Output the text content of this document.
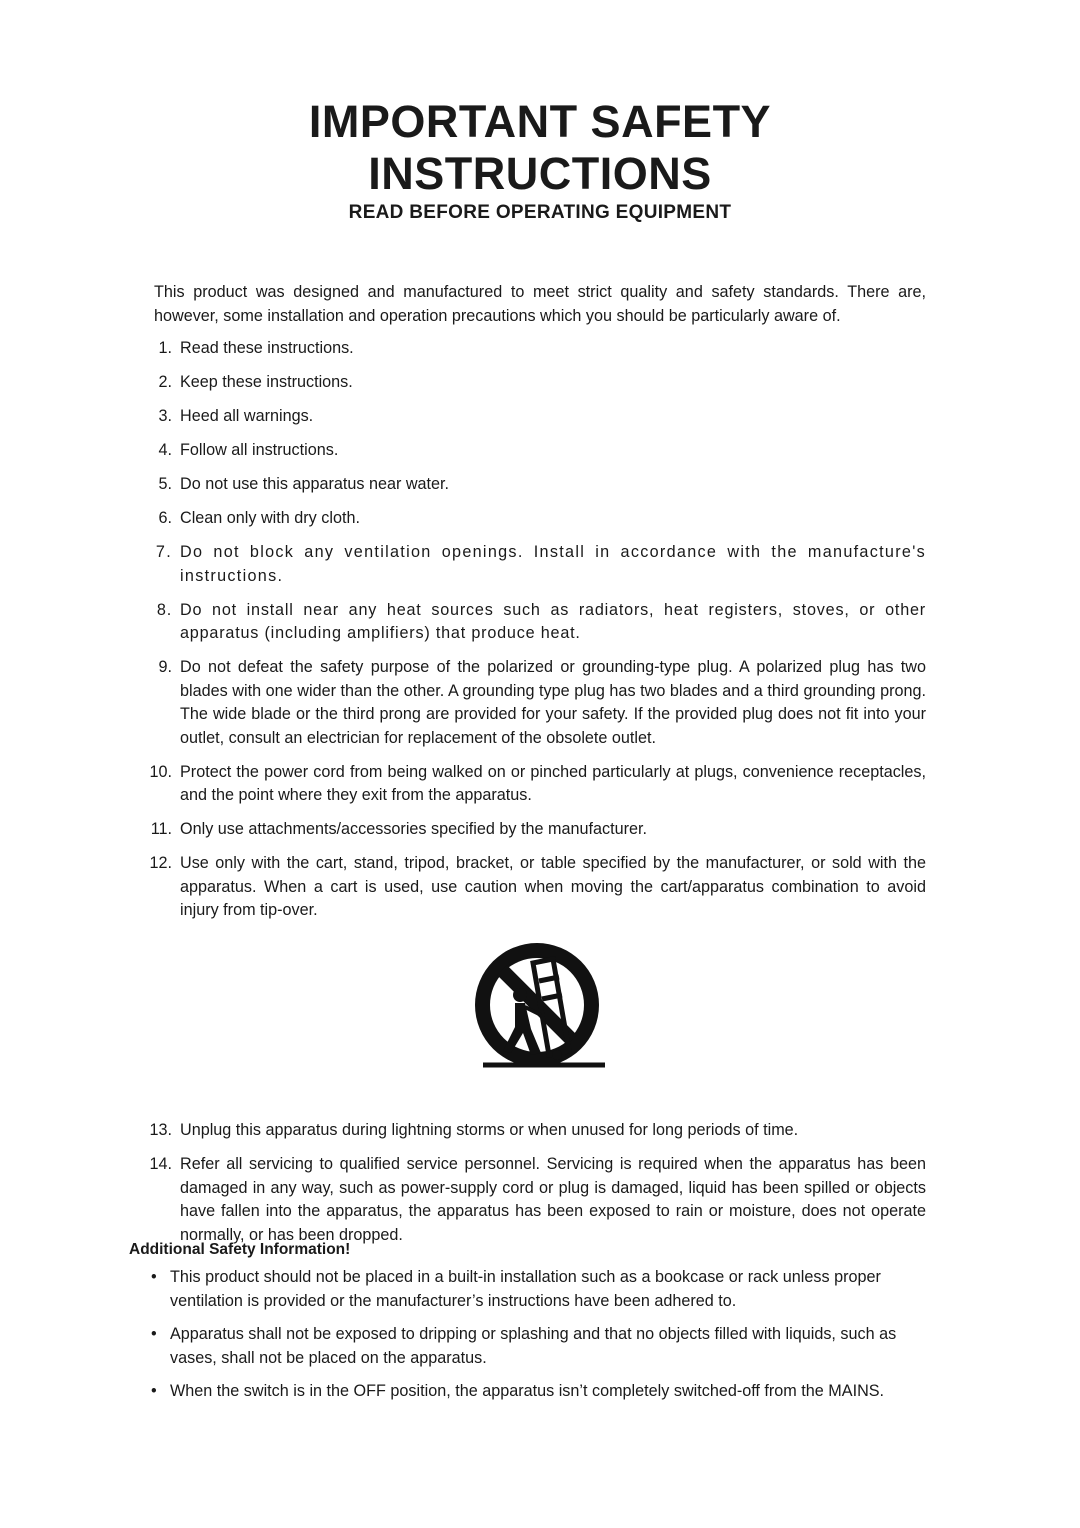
IMPORTANT SAFETY
INSTRUCTIONS
READ BEFORE OPERATING EQUIPMENT

This product was designed and manufactured to meet strict quality and safety standards. There are, however, some installation and operation precautions which you should be particularly aware of.

1. Read these instructions.
2. Keep these instructions.
3. Heed all warnings.
4. Follow all instructions.
5. Do not use this apparatus near water.
6. Clean only with dry cloth.
7. Do not block any ventilation openings. Install in accordance with the manufacture's instructions.
8. Do not install near any heat sources such as radiators, heat registers, stoves, or other apparatus (including amplifiers) that produce heat.
9. Do not defeat the safety purpose of the polarized or grounding-type plug. A polarized plug has two blades with one wider than the other. A grounding type plug has two blades and a third grounding prong. The wide blade or the third prong are provided for your safety. If the provided plug does not fit into your outlet, consult an electrician for replacement of the obsolete outlet.
10. Protect the power cord from being walked on or pinched particularly at plugs, convenience receptacles, and the point where they exit from the apparatus.
11. Only use attachments/accessories specified by the manufacturer.
12. Use only with the cart, stand, tripod, bracket, or table specified by the manufacturer, or sold with the apparatus. When a cart is used, use caution when moving the cart/apparatus combination to avoid injury from tip-over.
13. Unplug this apparatus during lightning storms or when unused for long periods of time.
14. Refer all servicing to qualified service personnel. Servicing is required when the apparatus has been damaged in any way, such as power-supply cord or plug is damaged, liquid has been spilled or objects have fallen into the apparatus, the apparatus has been exposed to rain or moisture, does not operate normally, or has been dropped.
Additional Safety Information!
• This product should not be placed in a built-in installation such as a bookcase or rack unless proper ventilation is provided or the manufacturer’s instructions have been adhered to.
• Apparatus shall not be exposed to dripping or splashing and that no objects filled with liquids, such as vases, shall not be placed on the apparatus.
• When the switch is in the OFF position, the apparatus isn’t completely switched-off from the MAINS.
